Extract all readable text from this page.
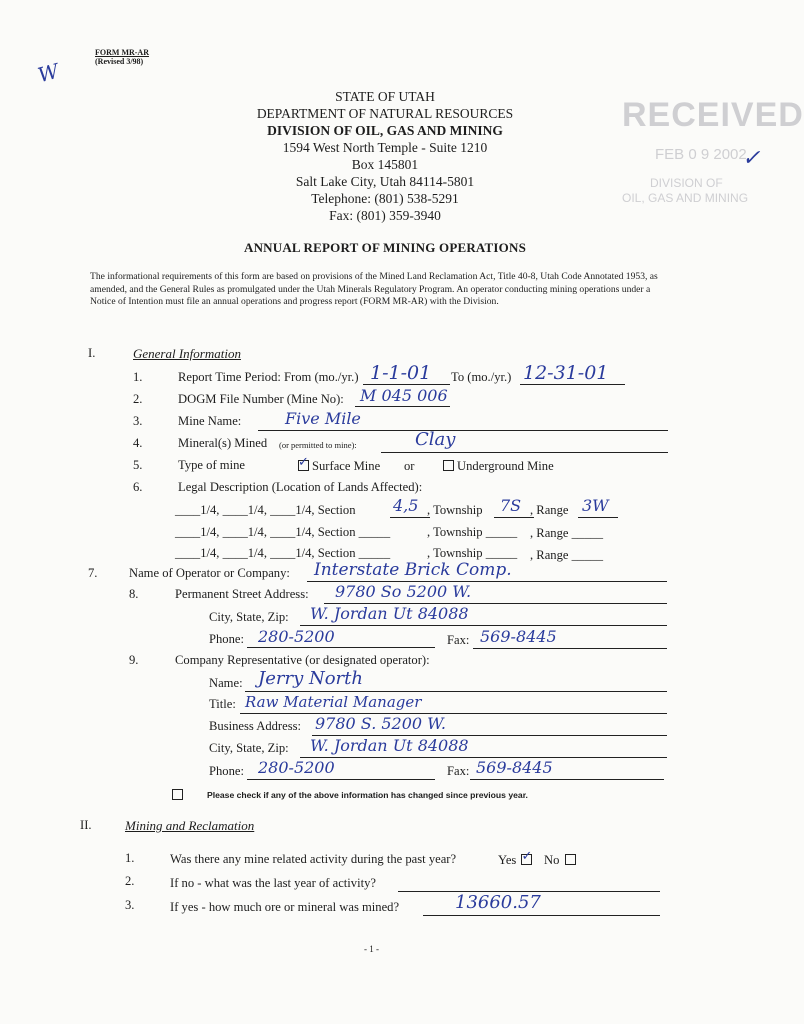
FORM MR-AR
(Revised 3/98)
W
RECEIVED
FEB 0 9 2002
DIVISION OF
OIL, GAS AND MINING
✓
STATE OF UTAH
DEPARTMENT OF NATURAL RESOURCES
DIVISION OF OIL, GAS AND MINING
1594 West North Temple - Suite 1210
Box 145801
Salt Lake City, Utah 84114-5801
Telephone: (801) 538-5291
Fax: (801) 359-3940
ANNUAL REPORT OF MINING OPERATIONS
The informational requirements of this form are based on provisions of the Mined Land Reclamation Act, Title 40-8, Utah Code Annotated 1953, as amended, and the General Rules as promulgated under the Utah Minerals Regulatory Program. An operator conducting mining operations under a Notice of Intention must file an annual operations and progress report (FORM MR-AR) with the Division.
I.	General Information
1.	Report Time Period: From (mo./yr.) 1-1-01 To (mo./yr.) 12-31-01
2.	DOGM File Number (Mine No): M 045 006
3.	Mine Name:	Five Mile
4.	Mineral(s) Mined (or permitted to mine):	Clay
5.	Type of mine ✓	Surface Mine or	Underground Mine
6.	Legal Description (Location of Lands Affected):
____1/4, ____1/4, ____1/4, Section 4,5 , Township 7S , Range 3W
____1/4, ____1/4, ____1/4, Section _____	, Township _____ , Range _____
____1/4, ____1/4, ____1/4, Section _____	, Township _____ , Range _____
7.	Name of Operator or Company: Interstate Brick Comp.
8.	Permanent Street Address: 9780 So 5200 W.
City, State, Zip: W. Jordan Ut 84088
Phone: 280-5200	Fax: 569-8445
9.	Company Representative (or designated operator):
Name: Jerry North
Title: Raw Material Manager
Business Address: 9780 S. 5200 W.
City, State, Zip: W. Jordan Ut 84088
Phone: 280-5200	Fax: 569-8445
Please check if any of the above information has changed since previous year.
II.	Mining and Reclamation
1.	Was there any mine related activity during the past year?	Yes ✓	No
2.	If no - what was the last year of activity?
3.	If yes - how much ore or mineral was mined?	13660.57
- 1 -
